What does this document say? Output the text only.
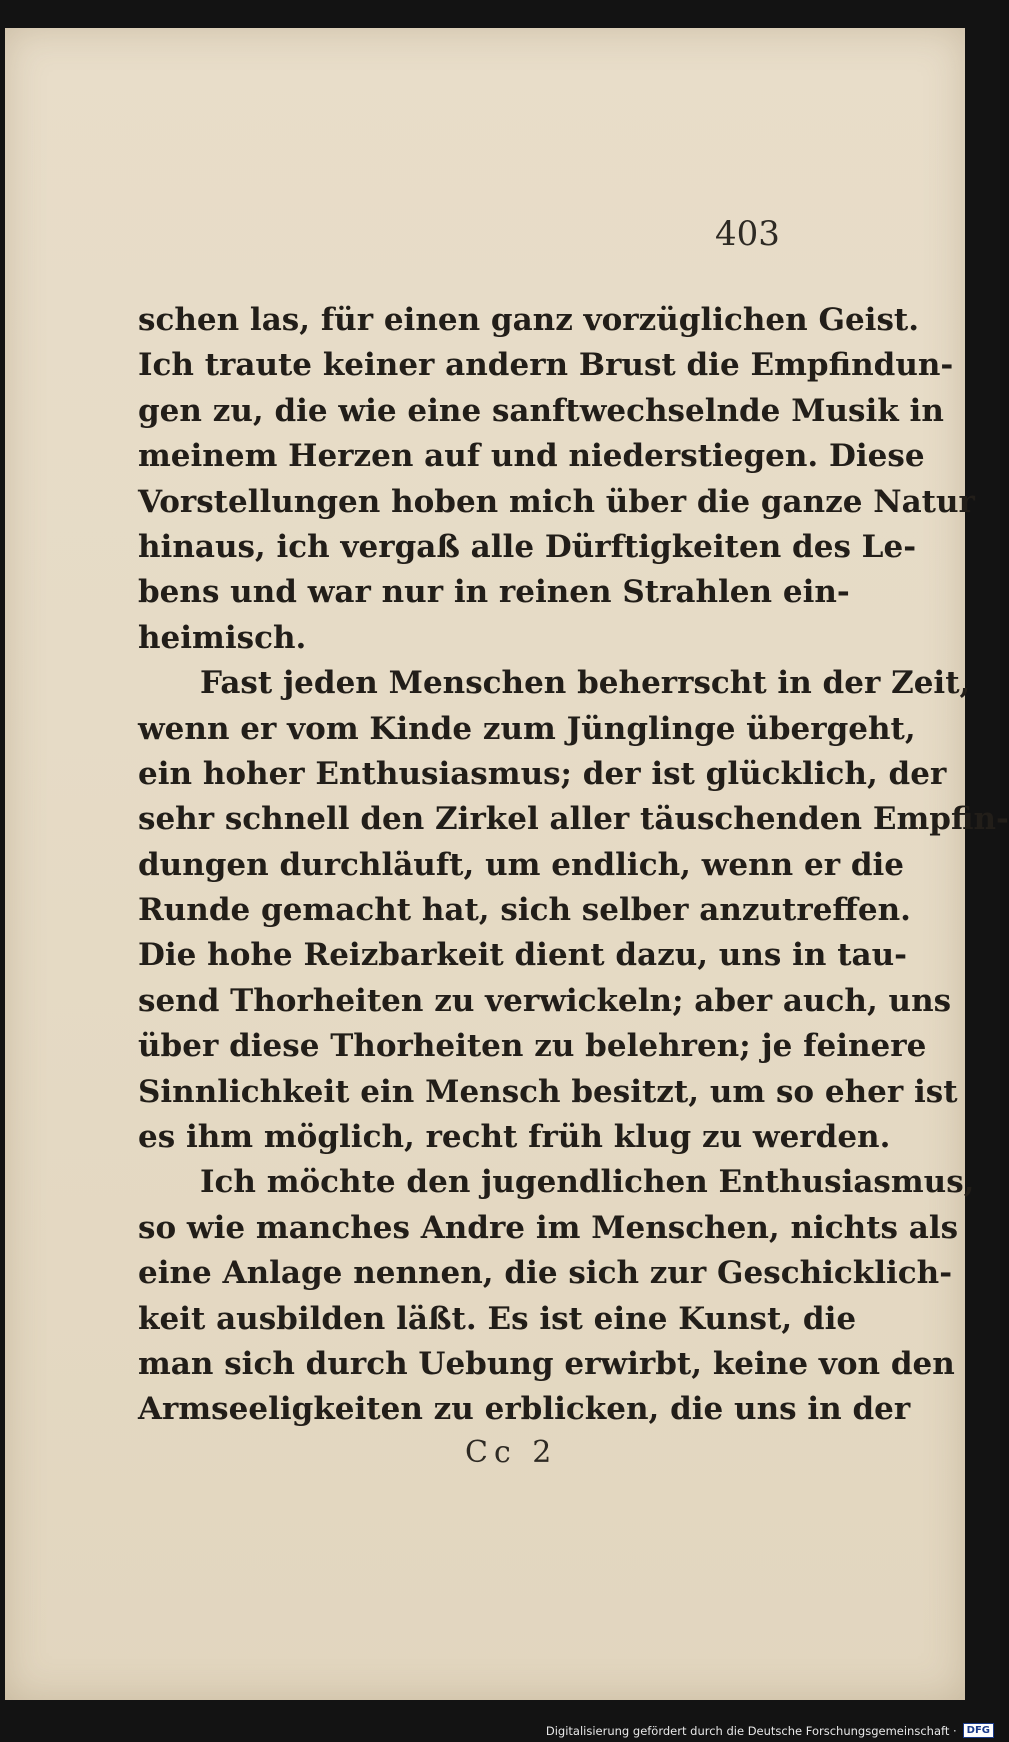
403
schen las, für einen ganz vorzüglichen Geist.
Ich traute keiner andern Brust die Empfindun-
gen zu, die wie eine sanftwechselnde Musik in
meinem Herzen auf und niederstiegen. Diese
Vorstellungen hoben mich über die ganze Natur
hinaus, ich vergaß alle Dürftigkeiten des Le-
bens und war nur in reinen Strahlen ein-
heimisch.
Fast jeden Menschen beherrscht in der Zeit,
wenn er vom Kinde zum Jünglinge übergeht,
ein hoher Enthusiasmus; der ist glücklich, der
sehr schnell den Zirkel aller täuschenden Empfin-
dungen durchläuft, um endlich, wenn er die
Runde gemacht hat, sich selber anzutreffen.
Die hohe Reizbarkeit dient dazu, uns in tau-
send Thorheiten zu verwickeln; aber auch, uns
über diese Thorheiten zu belehren; je feinere
Sinnlichkeit ein Mensch besitzt, um so eher ist
es ihm möglich, recht früh klug zu werden.
Ich möchte den jugendlichen Enthusiasmus,
so wie manches Andre im Menschen, nichts als
eine Anlage nennen, die sich zur Geschicklich-
keit ausbilden läßt. Es ist eine Kunst, die
man sich durch Uebung erwirbt, keine von den
Armseeligkeiten zu erblicken, die uns in der
Cc 2
Digitalisierung gefördert durch die Deutsche Forschungsgemeinschaft ·	DFG
